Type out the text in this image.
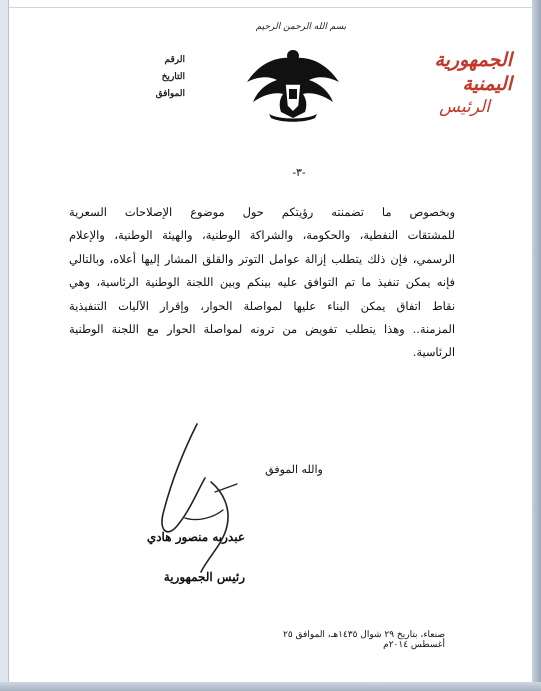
بسم الله الرحمن الرحيم
الجمهورية اليمنية
الرئيس
الرقم
التاريخ
الموافق
-٣-

وبخصوص ما تضمنته رؤيتكم حول موضوع الإصلاحات السعرية

للمشتقات النفطية، والحكومة، والشراكة الوطنية، والهيئة الوطنية، والإعلام

الرسمي، فإن ذلك يتطلب إزالة عوامل التوتر والقلق المشار إليها أعلاه، وبالتالي

فإنه يمكن تنفيذ ما تم التوافق عليه بينكم وبين اللجنة الوطنية الرئاسية، وهي

نقاط اتفاق يمكن البناء عليها لمواصلة الحوار، وإقرار الآليات التنفيذية

المزمنة.. وهذا يتطلب تفويض من ترونه لمواصلة الحوار مع اللجنة الوطنية

الرئاسية.

والله الموفق
عبدربه منصور هادي
رئيس الجمهورية
صنعاء، بتاريخ ٢٩ شوال ١٤٣٥هـ، الموافق ٢٥ أغسطس ٢٠١٤م
